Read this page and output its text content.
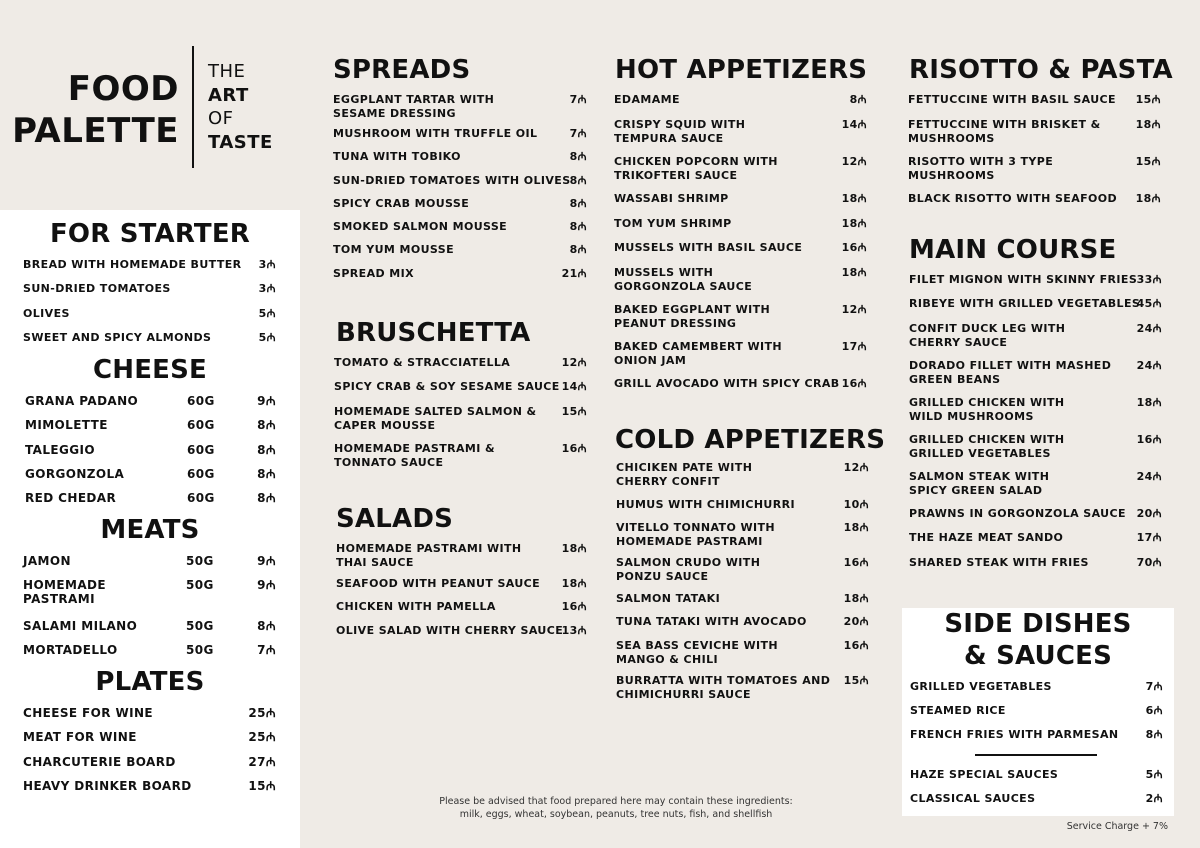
FOOD
PALETTE
THE
ART
OF
TASTE
FOR STARTER
CHEESE
MEATS
PLATES
SPREADS
BRUSCHETTA
SALADS
HOT APPETIZERS
COLD APPETIZERS
RISOTTO & PASTA
MAIN COURSE
SIDE DISHES
& SAUCES
BREAD WITH HOMEMADE BUTTER 3₼
SUN-DRIED TOMATOES	3₼
OLIVES	5₼
SWEET AND SPICY ALMONDS	5₼
GRANA PADANO	60G	9₼
MIMOLETTE	60G	8₼
TALEGGIO	60G	8₼
GORGONZOLA	60G	8₼
RED CHEDAR	60G	8₼
JAMON	50G	9₼
HOMEMADE
PASTRAMI
50G	9₼
SALAMI MILANO	50G	8₼
MORTADELLO	50G	7₼
CHEESE FOR WINE	25₼
MEAT FOR WINE	25₼
CHARCUTERIE BOARD	27₼
HEAVY DRINKER BOARD	15₼
EGGPLANT TARTAR WITH
SESAME DRESSING
7₼
MUSHROOM WITH TRUFFLE OIL	7₼
TUNA WITH TOBIKO	8₼
SUN-DRIED TOMATOES WITH OLIVES 8₼
SPICY CRAB MOUSSE	8₼
SMOKED SALMON MOUSSE	8₼
TOM YUM MOUSSE	8₼
SPREAD MIX	21₼
TOMATO & STRACCIATELLA	12₼
SPICY CRAB & SOY SESAME SAUCE 14₼
HOMEMADE SALTED SALMON &
CAPER MOUSSE
15₼
HOMEMADE PASTRAMI &
TONNATO SAUCE
16₼
HOMEMADE PASTRAMI WITH
THAI SAUCE
18₼
SEAFOOD WITH PEANUT SAUCE 18₼
CHICKEN WITH PAMELLA	16₼
OLIVE SALAD WITH CHERRY SAUCE
13₼
EDAMAME	8₼
CRISPY SQUID WITH
TEMPURA SAUCE
14₼
CHICKEN POPCORN WITH
TRIKOFTERI SAUCE
12₼
WASSABI SHRIMP	18₼
TOM YUM SHRIMP	18₼
MUSSELS WITH BASIL SAUCE	16₼
MUSSELS WITH
GORGONZOLA SAUCE
18₼
BAKED EGGPLANT WITH
PEANUT DRESSING
12₼
BAKED CAMEMBERT WITH
ONION JAM
17₼
GRILL AVOCADO WITH SPICY CRAB 16₼
CHICIKEN PATE WITH
CHERRY CONFIT
12₼
HUMUS WITH CHIMICHURRI	10₼
VITELLO TONNATO WITH
HOMEMADE PASTRAMI
18₼
SALMON CRUDO WITH
PONZU SAUCE
16₼
SALMON TATAKI	18₼
TUNA TATAKI WITH AVOCADO	20₼
SEA BASS CEVICHE WITH
MANGO & CHILI
16₼
BURRATTA WITH TOMATOES AND
CHIMICHURRI SAUCE
15₼
FETTUCCINE WITH BASIL SAUCE 15₼
FETTUCCINE WITH BRISKET &
MUSHROOMS
18₼
RISOTTO WITH 3 TYPE
MUSHROOMS
15₼
BLACK RISOTTO WITH SEAFOOD 18₼
FILET MIGNON WITH SKINNY FRIES 33₼
RIBEYE WITH GRILLED VEGETABLES
45₼
CONFIT DUCK LEG WITH
CHERRY SAUCE
24₼
DORADO FILLET WITH MASHED
GREEN BEANS
24₼
GRILLED CHICKEN WITH
WILD MUSHROOMS
18₼
GRILLED CHICKEN WITH
GRILLED VEGETABLES
16₼
SALMON STEAK WITH
SPICY GREEN SALAD
24₼
PRAWNS IN GORGONZOLA SAUCE 20₼
THE HAZE MEAT SANDO	17₼
SHARED STEAK WITH FRIES	70₼
GRILLED VEGETABLES	7₼
STEAMED RICE	6₼
FRENCH FRIES WITH PARMESAN 8₼
HAZE SPECIAL SAUCES	5₼
CLASSICAL SAUCES	2₼
Please be advised that food prepared here may contain these ingredients:
milk, eggs, wheat, soybean, peanuts, tree nuts, fish, and shellfish
Service Charge + 7%
